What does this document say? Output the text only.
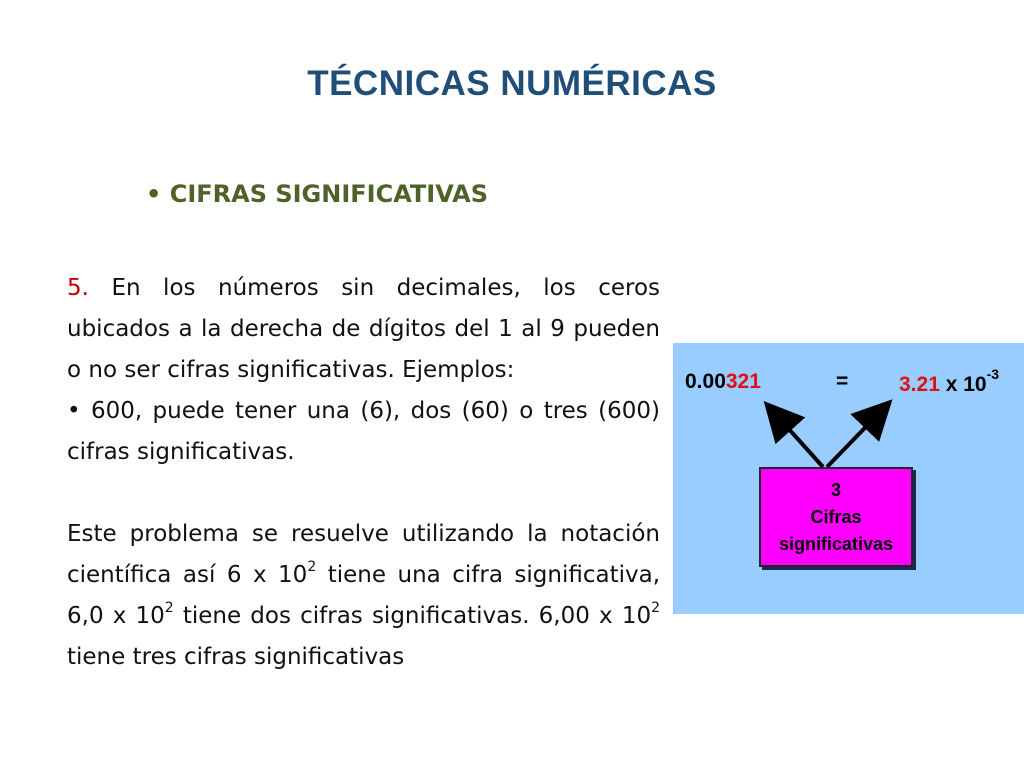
TÉCNICAS NUMÉRICAS
• CIFRAS SIGNIFICATIVAS

5. En los números sin decimales, los ceros ubicados a la derecha de dígitos del 1 al 9 pueden o no ser cifras significativas. Ejemplos:

• 600, puede tener una (6), dos (60) o tres (600) cifras significativas.

Este problema se resuelve utilizando la notación científica así 6 x $10^2$ tiene una cifra significativa, 6,0 x $10^2$ tiene dos cifras significativas. 6,00 x $10^2$ tiene tres cifras significativas

0.00321	= 3.21 x $10^{-3}$
3
Cifras
significativas
